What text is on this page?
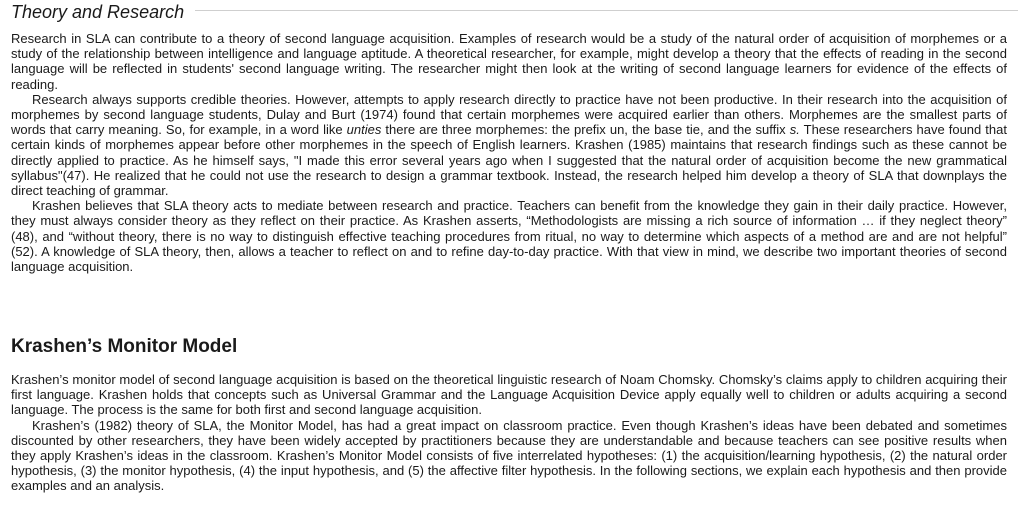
Theory and Research

Research in SLA can contribute to a theory of second language acquisition. Examples of research would be a study of the natural order of acquisition of morphemes or a study of the relationship between intelligence and language aptitude. A theoretical researcher, for example, might develop a theory that the effects of reading in the second language will be reflected in students' second language writing. The researcher might then look at the writing of second language learners for evidence of the effects of reading.

Research always supports credible theories. However, attempts to apply research directly to practice have not been productive. In their research into the acquisition of morphemes by second language students, Dulay and Burt (1974) found that certain morphemes were acquired earlier than others. Morphemes are the smallest parts of words that carry meaning. So, for example, in a word like unties there are three morphemes: the prefix un, the base tie, and the suffix s. These researchers have found that certain kinds of morphemes appear before other morphemes in the speech of English learners. Krashen (1985) maintains that research findings such as these cannot be directly applied to practice. As he himself says, "I made this error several years ago when I suggested that the natural order of acquisition become the new grammatical syllabus"(47). He realized that he could not use the research to design a grammar textbook. Instead, the research helped him develop a theory of SLA that downplays the direct teaching of grammar.

Krashen believes that SLA theory acts to mediate between research and practice. Teachers can benefit from the knowledge they gain in their daily practice. However, they must always consider theory as they reflect on their practice. As Krashen asserts, “Methodologists are missing a rich source of information … if they neglect theory” (48), and “without theory, there is no way to distinguish effective teaching procedures from ritual, no way to determine which aspects of a method are and are not helpful” (52). A knowledge of SLA theory, then, allows a teacher to reflect on and to refine day-to-day practice. With that view in mind, we describe two important theories of second language acquisition.

Krashen’s Monitor Model

Krashen’s monitor model of second language acquisition is based on the theoretical linguistic research of Noam Chomsky. Chomsky’s claims apply to children acquiring their first language. Krashen holds that concepts such as Universal Grammar and the Language Acquisition Device apply equally well to children or adults acquiring a second language. The process is the same for both first and second language acquisition.

Krashen’s (1982) theory of SLA, the Monitor Model, has had a great impact on classroom practice. Even though Krashen’s ideas have been debated and sometimes discounted by other researchers, they have been widely accepted by practitioners because they are understandable and because teachers can see positive results when they apply Krashen’s ideas in the classroom. Krashen’s Monitor Model consists of five interrelated hypotheses: (1) the acquisition/learning hypothesis, (2) the natural order hypothesis, (3) the monitor hypothesis, (4) the input hypothesis, and (5) the affective filter hypothesis. In the following sections, we explain each hypothesis and then provide examples and an analysis.
